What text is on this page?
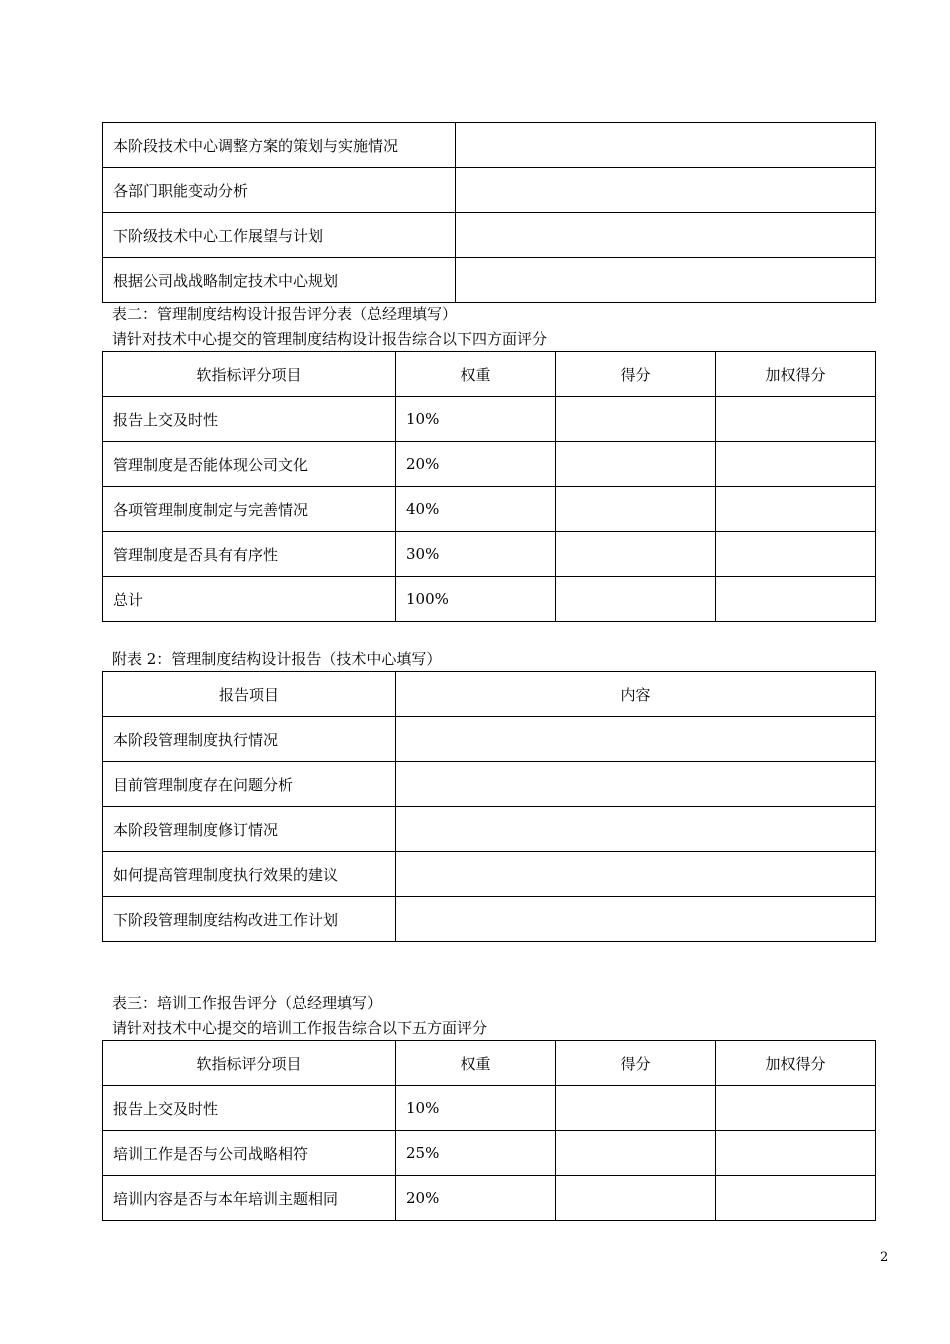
本阶段技术中心调整方案的策划与实施情况	
各部门职能变动分析	
下阶级技术中心工作展望与计划	
根据公司战战略制定技术中心规划	
表二：管理制度结构设计报告评分表（总经理填写）
请针对技术中心提交的管理制度结构设计报告综合以下四方面评分
软指标评分项目	权重	得分	加权得分
报告上交及时性	10%		
管理制度是否能体现公司文化	20%		
各项管理制度制定与完善情况	40%		
管理制度是否具有有序性	30%		
总计	100%		
附表 2：管理制度结构设计报告（技术中心填写）
报告项目	内容
本阶段管理制度执行情况	
目前管理制度存在问题分析	
本阶段管理制度修订情况	
如何提高管理制度执行效果的建议	
下阶段管理制度结构改进工作计划	
表三：培训工作报告评分（总经理填写）
请针对技术中心提交的培训工作报告综合以下五方面评分
软指标评分项目	权重	得分	加权得分
报告上交及时性	10%		
培训工作是否与公司战略相符	25%		
培训内容是否与本年培训主题相同	20%		
2
